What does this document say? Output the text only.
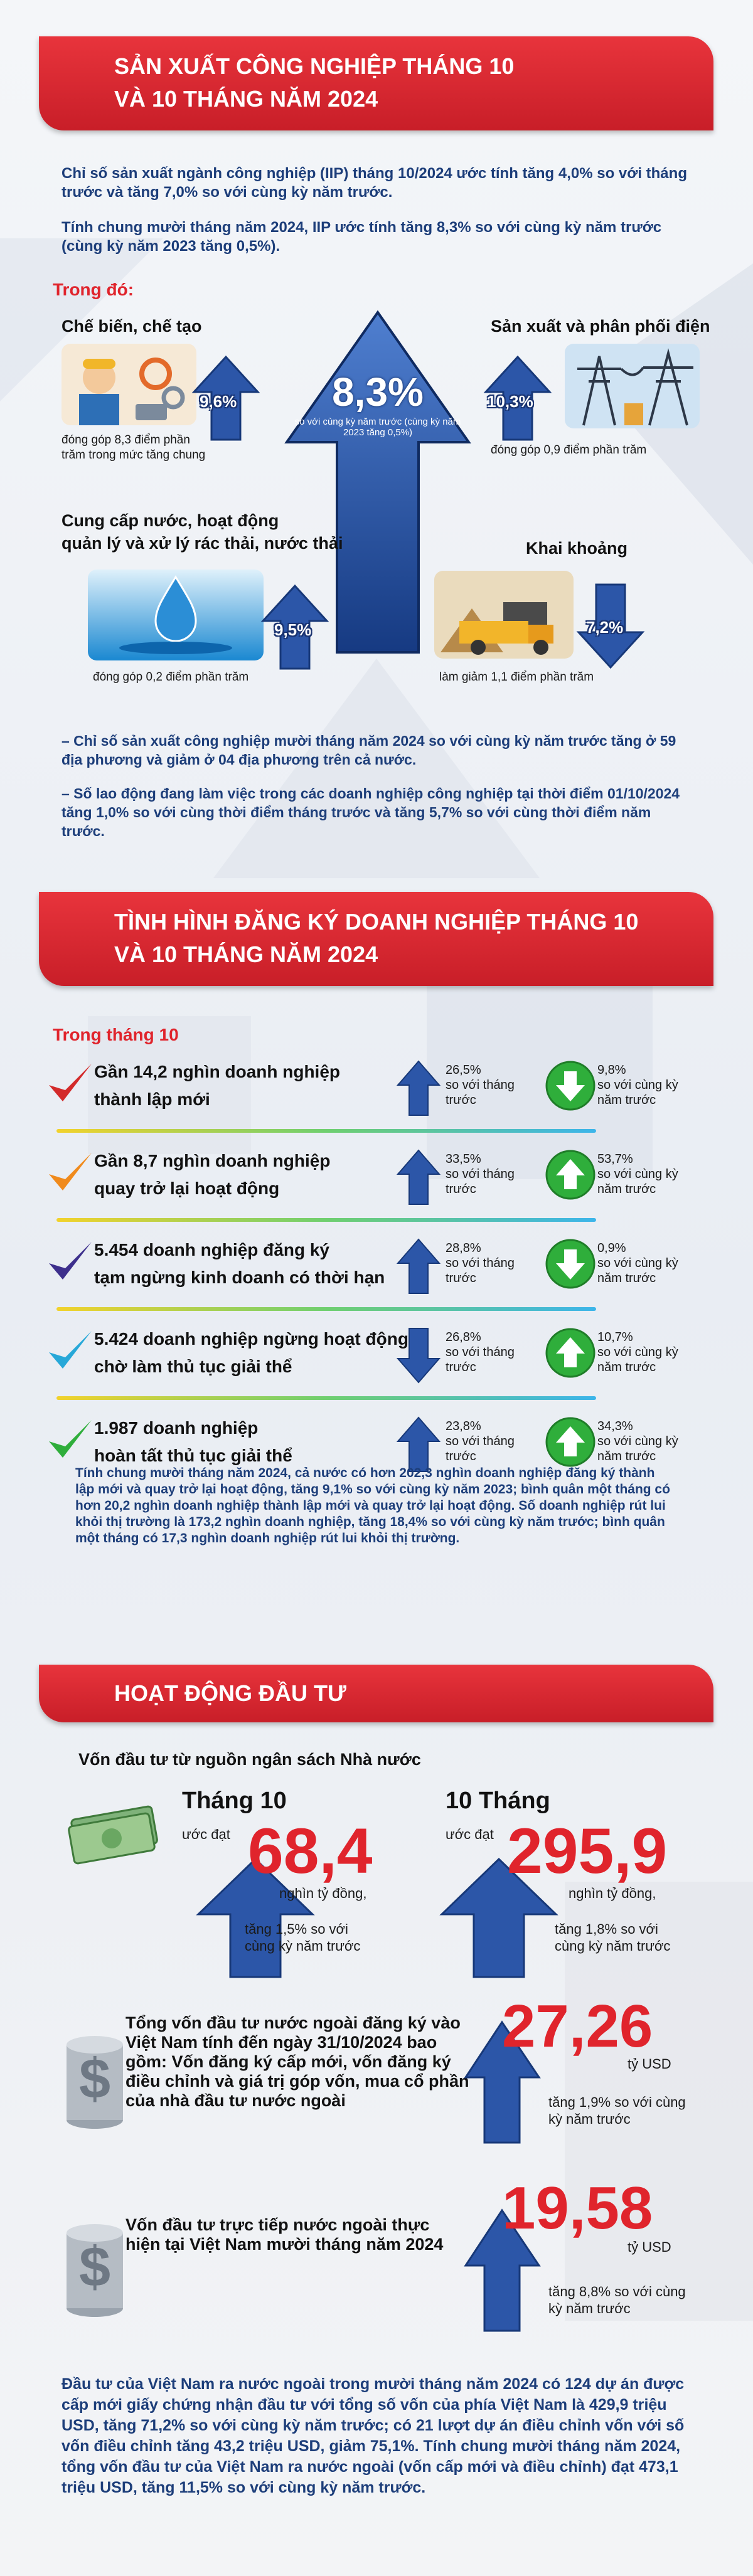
SẢN XUẤT CÔNG NGHIỆP THÁNG 10
VÀ 10 THÁNG NĂM 2024
Chỉ số sản xuất ngành công nghiệp (IIP) tháng 10/2024 ước tính tăng 4,0% so với tháng trước và tăng 7,0% so với cùng kỳ năm trước.
Tính chung mười tháng năm 2024, IIP ước tính tăng 8,3% so với cùng kỳ năm trước (cùng kỳ năm 2023 tăng 0,5%).
Trong đó:
8,3%
so với cùng kỳ năm trước (cùng kỳ năm 2023 tăng 0,5%)
Chế biến, chế tạo
9,6%
đóng góp 8,3 điểm phần trăm trong mức tăng chung
Sản xuất và phân phối điện
10,3%
đóng góp 0,9 điểm phần trăm
Cung cấp nước, hoạt động
quản lý và xử lý rác thải, nước thải
9,5%
đóng góp 0,2 điểm phần trăm
Khai khoảng
7,2%
làm giảm 1,1 điểm phần trăm
– Chỉ số sản xuất công nghiệp mười tháng năm 2024 so với cùng kỳ năm trước tăng ở 59 địa phương và giảm ở 04 địa phương trên cả nước.
– Số lao động đang làm việc trong các doanh nghiệp công nghiệp tại thời điểm 01/10/2024 tăng 1,0% so với cùng thời điểm tháng trước và tăng 5,7% so với cùng thời điểm năm trước.
TÌNH HÌNH ĐĂNG KÝ DOANH NGHIỆP THÁNG 10
VÀ 10 THÁNG NĂM 2024
Trong tháng 10
Gần 14,2 nghìn doanh nghiệp
thành lập mới
26,5%
so với tháng trước
9,8%
so với cùng kỳ năm trước
Gần 8,7 nghìn doanh nghiệp
quay trở lại hoạt động
33,5%
so với tháng trước
53,7%
so với cùng kỳ năm trước
5.454 doanh nghiệp đăng ký
tạm ngừng kinh doanh có thời hạn
28,8%
so với tháng trước
0,9%
so với cùng kỳ năm trước
5.424 doanh nghiệp ngừng hoạt động
chờ làm thủ tục giải thể
26,8%
so với tháng trước
10,7%
so với cùng kỳ năm trước
1.987 doanh nghiệp
hoàn tất thủ tục giải thể
23,8%
so với tháng trước
34,3%
so với cùng kỳ năm trước
Tính chung mười tháng năm 2024, cả nước có hơn 202,3 nghìn doanh nghiệp đăng ký thành lập mới và quay trở lại hoạt động, tăng 9,1% so với cùng kỳ năm 2023; bình quân một tháng có hơn 20,2 nghìn doanh nghiệp thành lập mới và quay trở lại hoạt động. Số doanh nghiệp rút lui khỏi thị trường là 173,2 nghìn doanh nghiệp, tăng 18,4% so với cùng kỳ năm trước; bình quân một tháng có 17,3 nghìn doanh nghiệp rút lui khỏi thị trường.
HOẠT ĐỘNG ĐẦU TƯ
Vốn đầu tư từ nguồn ngân sách Nhà nước
Tháng 10
ước đạt 68,4
nghìn tỷ đồng,
tăng 1,5% so với cùng kỳ năm trước
10 Tháng
ước đạt 295,9
nghìn tỷ đồng,
tăng 1,8% so với cùng kỳ năm trước
$
Tổng vốn đầu tư nước ngoài đăng ký vào Việt Nam tính đến ngày 31/10/2024 bao gồm: Vốn đăng ký cấp mới, vốn đăng ký điều chỉnh và giá trị góp vốn, mua cổ phần của nhà đầu tư nước ngoài
27,26
tỷ USD
tăng 1,9% so với cùng kỳ năm trước
$
Vốn đầu tư trực tiếp nước ngoài thực hiện tại Việt Nam mười tháng năm 2024
19,58
tỷ USD
tăng 8,8% so với cùng kỳ năm trước
Đầu tư của Việt Nam ra nước ngoài trong mười tháng năm 2024 có 124 dự án được cấp mới giấy chứng nhận đầu tư với tổng số vốn của phía Việt Nam là 429,9 triệu USD, tăng 71,2% so với cùng kỳ năm trước; có 21 lượt dự án điều chỉnh vốn với số vốn điều chỉnh tăng 43,2 triệu USD, giảm 75,1%. Tính chung mười tháng năm 2024, tổng vốn đầu tư của Việt Nam ra nước ngoài (vốn cấp mới và điều chỉnh) đạt 473,1 triệu USD, tăng 11,5% so với cùng kỳ năm trước.
